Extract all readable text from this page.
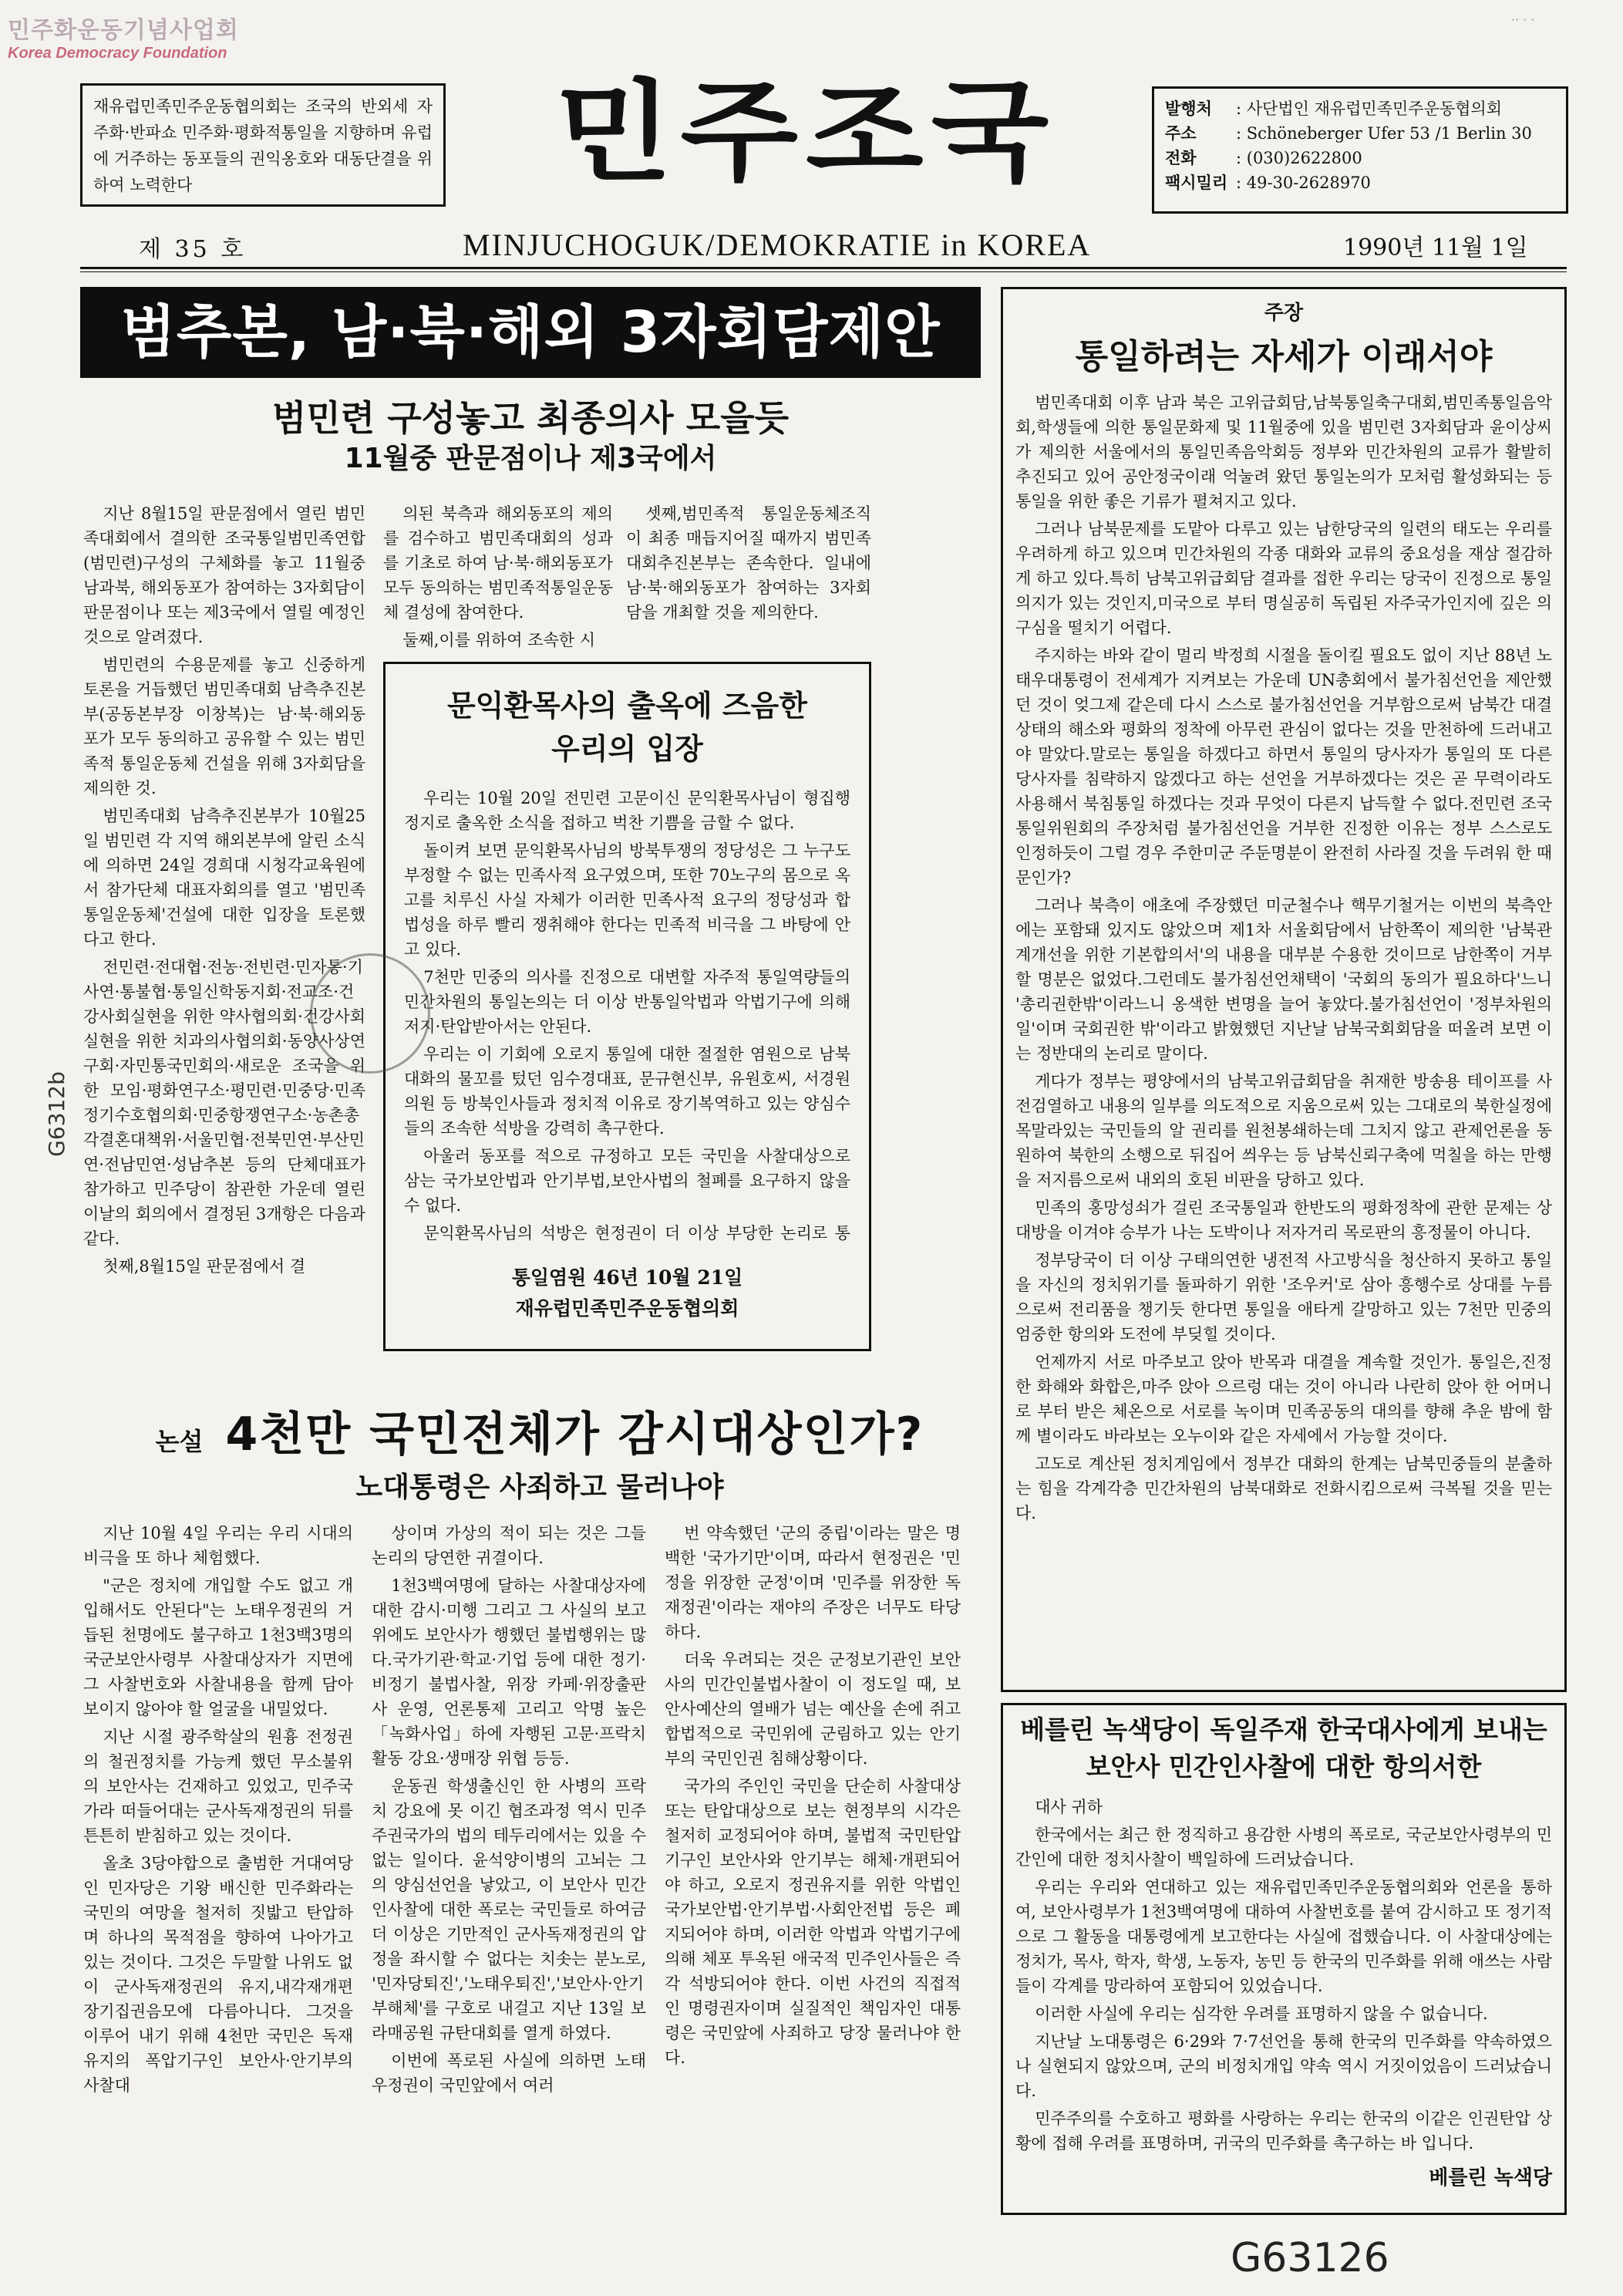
민주화운동기념사업회
Korea Democracy Foundation
·· · ·
재유럽민족민주운동협의회는 조국의 반외세 자주화·반파쇼 민주화·평화적통일을 지향하며 유럽에 거주하는 동포들의 권익옹호와 대동단결을 위하여 노력한다	민주조국	발행처 : 사단법인 재유럽민족민주운동협의회
주소 : Schöneberger Ufer 53 /1 Berlin 30
전화 : (030)2622800
팩시밀리 : 49-30-2628970
제 35 호	MINJUCHOGUK/DEMOKRATIE in KOREA	1990년 11월 1일
범추본, 남·북·해외 3자회담제안
범민련 구성놓고 최종의사 모을듯
11월중 판문점이나 제3국에서

지난 8월15일 판문점에서 열린 범민족대회에서 결의한 조국통일범민족연합(범민련)구성의 구체화를 놓고 11월중 남과북, 해외동포가 참여하는 3자회담이 판문점이나 또는 제3국에서 열릴 예정인 것으로 알려졌다.

범민련의 수용문제를 놓고 신중하게 토론을 거듭했던 범민족대회 남측추진본부(공동본부장 이창복)는 남·북·해외동포가 모두 동의하고 공유할 수 있는 범민족적 통일운동체 건설을 위해 3자회담을 제의한 것.

범민족대회 남측추진본부가 10월25일 범민련 각 지역 해외본부에 알린 소식에 의하면 24일 경희대 시청각교육원에서 참가단체 대표자회의를 열고 '범민족통일운동체'건설에 대한 입장을 토론했다고 한다.

전민련·전대협·전농·전빈련·민자통·기사연·통불협·통일신학동지회·전교조·건강사회실현을 위한 약사협의회·건강사회실현을 위한 치과의사협의회·동양사상연구회·자민통국민회의·새로운 조국을 위한 모임·평화연구소·평민련·민중당·민족정기수호협의회·민중항쟁연구소·농촌총각결혼대책위·서울민협·전북민연·부산민연·전남민연·성남추본 등의 단체대표가 참가하고 민주당이 참관한 가운데 열린 이날의 회의에서 결정된 3개항은 다음과 같다.

첫째,8월15일 판문점에서 결

의된 북측과 해외동포의 제의를 검수하고 범민족대회의 성과를 기초로 하여 남·북·해외동포가 모두 동의하는 범민족적통일운동체 결성에 참여한다.

둘째,이를 위하여 조속한 시

셋째,범민족적 통일운동체조직이 최종 매듭지어질 때까지 범민족대회추진본부는 존속한다. 일내에 남·북·해외동포가 참여하는 3자회담을 개최할 것을 제의한다.

문익환목사의 출옥에 즈음한
우리의 입장

우리는 10월 20일 전민련 고문이신 문익환목사님이 형집행정지로 출옥한 소식을 접하고 벅찬 기쁨을 금할 수 없다.

돌이켜 보면 문익환목사님의 방북투쟁의 정당성은 그 누구도 부정할 수 없는 민족사적 요구였으며, 또한 70노구의 몸으로 옥고를 치루신 사실 자체가 이러한 민족사적 요구의 정당성과 합법성을 하루 빨리 쟁취해야 한다는 민족적 비극을 그 바탕에 안고 있다.

7천만 민중의 의사를 진정으로 대변할 자주적 통일역량들의 민간차원의 통일논의는 더 이상 반통일악법과 악법기구에 의해 저지·탄압받아서는 안된다.

우리는 이 기회에 오로지 통일에 대한 절절한 염원으로 남북대화의 물꼬를 텄던 임수경대표, 문규현신부, 유원호씨, 서경원의원 등 방북인사들과 정치적 이유로 장기복역하고 있는 양심수들의 조속한 석방을 강력히 촉구한다.

아울러 동포를 적으로 규정하고 모든 국민을 사찰대상으로 삼는 국가보안법과 안기부법,보안사법의 철폐를 요구하지 않을 수 없다.

문익환목사님의 석방은 현정권이 더 이상 부당한 논리로 통

통일염원 46년 10월 21일
재유럽민족민주운동협의회
주장
통일하려는 자세가 이래서야

범민족대회 이후 남과 북은 고위급회담,남북통일축구대회,범민족통일음악회,학생들에 의한 통일문화제 및 11월중에 있을 범민련 3자회담과 윤이상씨가 제의한 서울에서의 통일민족음악회등 정부와 민간차원의 교류가 활발히 추진되고 있어 공안정국이래 억눌려 왔던 통일논의가 모처럼 활성화되는 등 통일을 위한 좋은 기류가 펼쳐지고 있다.

그러나 남북문제를 도맡아 다루고 있는 남한당국의 일련의 태도는 우리를 우려하게 하고 있으며 민간차원의 각종 대화와 교류의 중요성을 재삼 절감하게 하고 있다.특히 남북고위급회담 결과를 접한 우리는 당국이 진정으로 통일의지가 있는 것인지,미국으로 부터 명실공히 독립된 자주국가인지에 깊은 의구심을 떨치기 어렵다.

주지하는 바와 같이 멀리 박정희 시절을 돌이킬 필요도 없이 지난 88년 노태우대통령이 전세계가 지켜보는 가운데 UN총회에서 불가침선언을 제안했던 것이 엊그제 같은데 다시 스스로 불가침선언을 거부함으로써 남북간 대결상태의 해소와 평화의 정착에 아무런 관심이 없다는 것을 만천하에 드러내고야 말았다.말로는 통일을 하겠다고 하면서 통일의 당사자가 통일의 또 다른 당사자를 침략하지 않겠다고 하는 선언을 거부하겠다는 것은 곧 무력이라도 사용해서 북침통일 하겠다는 것과 무엇이 다른지 납득할 수 없다.전민련 조국통일위원회의 주장처럼 불가침선언을 거부한 진정한 이유는 정부 스스로도 인정하듯이 그럴 경우 주한미군 주둔명분이 완전히 사라질 것을 두려워 한 때문인가?

그러나 북측이 애초에 주장했던 미군철수나 핵무기철거는 이번의 북측안에는 포함돼 있지도 않았으며 제1차 서울회담에서 남한쪽이 제의한 '남북관계개선을 위한 기본합의서'의 내용을 대부분 수용한 것이므로 남한쪽이 거부할 명분은 없었다.그런데도 불가침선언채택이 '국회의 동의가 필요하다'느니 '총리권한밖'이라느니 옹색한 변명을 늘어 놓았다.불가침선언이 '정부차원의 일'이며 국회권한 밖'이라고 밝혔했던 지난날 남북국회회담을 떠올려 보면 이는 정반대의 논리로 말이다.

게다가 정부는 평양에서의 남북고위급회담을 취재한 방송용 테이프를 사전검열하고 내용의 일부를 의도적으로 지움으로써 있는 그대로의 북한실정에 목말라있는 국민들의 알 권리를 원천봉쇄하는데 그치지 않고 관제언론을 동원하여 북한의 소행으로 뒤집어 씌우는 등 남북신뢰구축에 먹칠을 하는 만행을 저지름으로써 내외의 호된 비판을 당하고 있다.

민족의 홍망성쇠가 걸린 조국통일과 한반도의 평화정착에 관한 문제는 상대방을 이겨야 승부가 나는 도박이나 저자거리 목로판의 흥정물이 아니다.

정부당국이 더 이상 구태의연한 냉전적 사고방식을 청산하지 못하고 통일을 자신의 정치위기를 돌파하기 위한 '조우커'로 삼아 흥행수로 상대를 누름으로써 전리품을 챙기듯 한다면 통일을 애타게 갈망하고 있는 7천만 민중의 엄중한 항의와 도전에 부딪힐 것이다.

언제까지 서로 마주보고 앉아 반목과 대결을 계속할 것인가. 통일은,진정한 화해와 화합은,마주 앉아 으르렁 대는 것이 아니라 나란히 앉아 한 어머니로 부터 받은 체온으로 서로를 녹이며 민족공동의 대의를 향해 추운 밤에 함께 별이라도 바라보는 오누이와 같은 자세에서 가능할 것이다.

고도로 계산된 정치게임에서 정부간 대화의 한계는 남북민중들의 분출하는 힘을 각계각층 민간차원의 남북대화로 전화시킴으로써 극복될 것을 믿는다.

논설 4천만 국민전체가 감시대상인가?
노대통령은 사죄하고 물러나야

지난 10월 4일 우리는 우리 시대의 비극을 또 하나 체험했다.

"군은 정치에 개입할 수도 없고 개입해서도 안된다"는 노태우정권의 거듭된 천명에도 불구하고 1천3백3명의 국군보안사령부 사찰대상자가 지면에 그 사찰번호와 사찰내용을 함께 담아 보이지 않아야 할 얼굴을 내밀었다.

지난 시절 광주학살의 원흉 전정권의 철권정치를 가능케 했던 무소불위의 보안사는 건재하고 있었고, 민주국가라 떠들어대는 군사독재정권의 뒤를 튼튼히 받침하고 있는 것이다.

올초 3당야합으로 출범한 거대여당인 민자당은 기왕 배신한 민주화라는 국민의 여망을 철저히 짓밟고 탄압하며 하나의 목적점을 향하여 나아가고 있는 것이다. 그것은 두말할 나위도 없이 군사독재정권의 유지,내각재개편 장기집권음모에 다름아니다. 그것을 이루어 내기 위해 4천만 국민은 독재유지의 폭압기구인 보안사·안기부의 사찰대

상이며 가상의 적이 되는 것은 그들 논리의 당연한 귀결이다.

1천3백여명에 달하는 사찰대상자에 대한 감시·미행 그리고 그 사실의 보고위에도 보안사가 행했던 불법행위는 많다.국가기관·학교·기업 등에 대한 정기·비정기 불법사찰, 위장 카페·위장출판사 운영, 언론통제 고리고 악명 높은 「녹화사업」하에 자행된 고문·프락치활동 강요·생매장 위협 등등.

운동권 학생출신인 한 사병의 프락치 강요에 못 이긴 협조과정 역시 민주주권국가의 법의 테두리에서는 있을 수 없는 일이다. 윤석양이병의 고뇌는 그의 양심선언을 낳았고, 이 보안사 민간인사찰에 대한 폭로는 국민들로 하여금 더 이상은 기만적인 군사독재정권의 압정을 좌시할 수 없다는 치솟는 분노로, '민자당퇴진','노태우퇴진','보안사·안기부해체'를 구호로 내걸고 지난 13일 보라매공원 규탄대회를 열게 하였다.

이번에 폭로된 사실에 의하면 노태우정권이 국민앞에서 여러

번 약속했던 '군의 중립'이라는 말은 명백한 '국가기만'이며, 따라서 현정권은 '민정을 위장한 군정'이며 '민주를 위장한 독재정권'이라는 재야의 주장은 너무도 타당하다.

더욱 우려되는 것은 군정보기관인 보안사의 민간인불법사찰이 이 정도일 때, 보안사예산의 열배가 넘는 예산을 손에 쥐고 합법적으로 국민위에 군림하고 있는 안기부의 국민인권 침해상황이다.

국가의 주인인 국민을 단순히 사찰대상 또는 탄압대상으로 보는 현정부의 시각은 철저히 교정되어야 하며, 불법적 국민탄압기구인 보안사와 안기부는 해체·개편되어야 하고, 오로지 정권유지를 위한 악법인 국가보안법·안기부법·사회안전법 등은 폐지되어야 하며, 이러한 악법과 악법기구에 의해 체포 투옥된 애국적 민주인사들은 즉각 석방되어야 한다. 이번 사건의 직접적인 명령권자이며 실질적인 책임자인 대통령은 국민앞에 사죄하고 당장 물러나야 한다.

베를린 녹색당이 독일주재 한국대사에게 보내는
보안사 민간인사찰에 대한 항의서한

대사 귀하

한국에서는 최근 한 정직하고 용감한 사병의 폭로로, 국군보안사령부의 민간인에 대한 정치사찰이 백일하에 드러났습니다.

우리는 우리와 연대하고 있는 재유럽민족민주운동협의회와 언론을 통하여, 보안사령부가 1천3백여명에 대하여 사찰번호를 붙여 감시하고 또 정기적으로 그 활동을 대통령에게 보고한다는 사실에 접했습니다. 이 사찰대상에는 정치가, 목사, 학자, 학생, 노동자, 농민 등 한국의 민주화를 위해 애쓰는 사람들이 각계를 망라하여 포함되어 있었습니다.

이러한 사실에 우리는 심각한 우려를 표명하지 않을 수 없습니다.

지난날 노대통령은 6·29와 7·7선언을 통해 한국의 민주화를 약속하였으나 실현되지 않았으며, 군의 비정치개입 약속 역시 거짓이었음이 드러났습니다.

민주주의를 수호하고 평화를 사랑하는 우리는 한국의 이같은 인권탄압 상황에 접해 우려를 표명하며, 귀국의 민주화를 촉구하는 바 입니다.

베를린 녹색당
G6312b
G63126
